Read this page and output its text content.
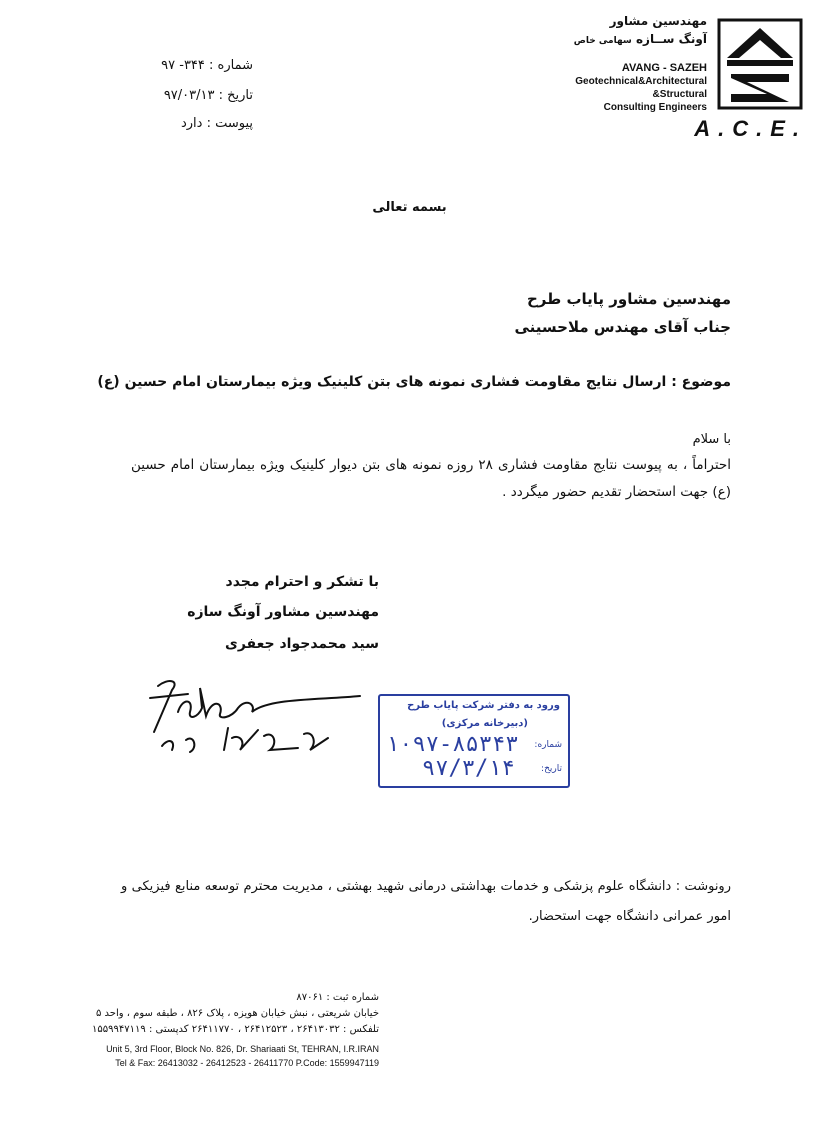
مهندسین مشاور
آونگ ســازه سهامی خاص
AVANG - SAZEH
Geotechnical&Architectural
&Structural
Consulting Engineers
A.C.E.
شماره : ۳۴۴- ۹۷
تاریخ : ۹۷/۰۳/۱۳
پیوست : دارد
بسمه تعالی
مهندسین مشاور پایاب طرح
جناب آقای مهندس ملاحسینی
موضوع : ارسال نتایج مقاومت فشاری نمونه های بتن کلینیک ویژه بیمارستان امام حسین (ع)
با سلام
احتراماً ، به پیوست نتایج مقاومت فشاری ۲۸ روزه نمونه های بتن دیوار کلینیک ویژه بیمارستان امام حسین (ع) جهت استحضار تقدیم حضور میگردد .
با تشکر و احترام مجدد
مهندسین مشاور آونگ سازه
سید محمدجواد جعفری
ورود به دفتر شرکت پایاب طرح
(دبیرخانه مرکزی)
شماره:
۱۰۹۷-۸۵۳۴۳
تاریخ:
۹۷/۳/۱۴
رونوشت : دانشگاه علوم پزشکی و خدمات بهداشتی درمانی شهید بهشتی ، مدیریت محترم توسعه منابع فیزیکی و امور عمرانی دانشگاه جهت استحضار.
شماره ثبت : ۸۷۰۶۱
خیابان شریعتی ، نبش خیابان هویزه ، پلاک ۸۲۶ ، طبقه سوم ، واحد ۵
تلفکس : ۲۶۴۱۳۰۳۲ ، ۲۶۴۱۲۵۲۳ ، ۲۶۴۱۱۷۷۰ کدپستی : ۱۵۵۹۹۴۷۱۱۹
Unit 5, 3rd Floor, Block No. 826, Dr. Shariaati St, TEHRAN, I.R.IRAN
Tel & Fax: 26413032 - 26412523 - 26411770 P.Code: 1559947119
